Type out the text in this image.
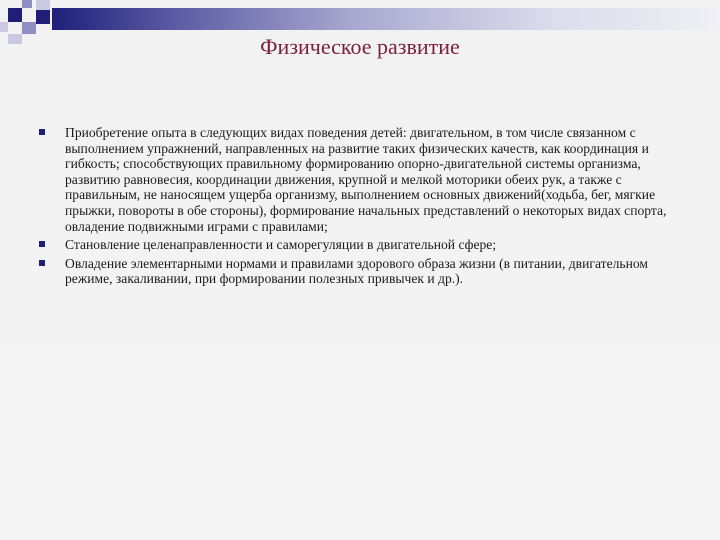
Физическое развитие
Приобретение опыта в следующих видах поведения детей: двигательном, в том числе связанном с выполнением упражнений, направленных на развитие таких физических качеств, как координация и гибкость; способствующих правильному формированию опорно-двигательной системы организма, развитию равновесия, координации движения, крупной и мелкой моторики обеих рук, а также с правильным, не наносящем ущерба организму, выполнением основных движений(ходьба, бег, мягкие прыжки, повороты в обе стороны), формирование начальных представлений о некоторых видах спорта, овладение подвижными играми с правилами;
Становление целенаправленности и саморегуляции в двигательной сфере;
Овладение элементарными нормами и правилами здорового образа жизни (в питании, двигательном режиме, закаливании, при формировании полезных привычек и др.).
